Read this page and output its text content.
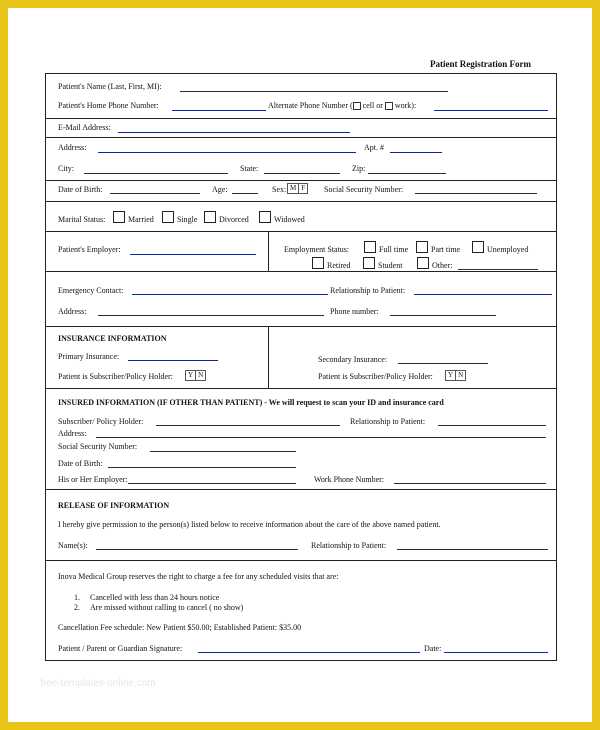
Patient Registration Form
Patient's Name (Last, First, MI):
Patient's Home Phone Number:	Alternate Phone Number ( cell or work):
E-Mail Address:
Address:	Apt. #
City:	State:	Zip:
Date of Birth:	Age:	Sex: M F Social Security Number:
Marital Status:	Married	Single	Divorced	Widowed
Patient's Employer:	Employment Status:	Full time	Part time	Unemployed
Retired	Student	Other:
Emergency Contact:	Relationship to Patient:
Address:	Phone number:
INSURANCE INFORMATION
Primary Insurance:
Patient is Subscriber/Policy Holder: Y N
Secondary Insurance:
Patient is Subscriber/Policy Holder: Y N
INSURED INFORMATION (IF OTHER THAN PATIENT) - We will request to scan your ID and insurance card
Subscriber/ Policy Holder:	Relationship to Patient:
Address:
Social Security Number:
Date of Birth:
His or Her Employer:	Work Phone Number:
RELEASE OF INFORMATION
I hereby give permission to the person(s) listed below to receive information about the care of the above named patient.
Name(s):	Relationship to Patient:
Inova Medical Group reserves the right to charge a fee for any scheduled visits that are:
1. Cancelled with less than 24 hours notice
2. Are missed without calling to cancel ( no show)
Cancellation Fee schedule: New Patient $50.00; Established Patient: $35.00
Patient / Parent or Guardian Signature:	Date:
free-templates-online.com
